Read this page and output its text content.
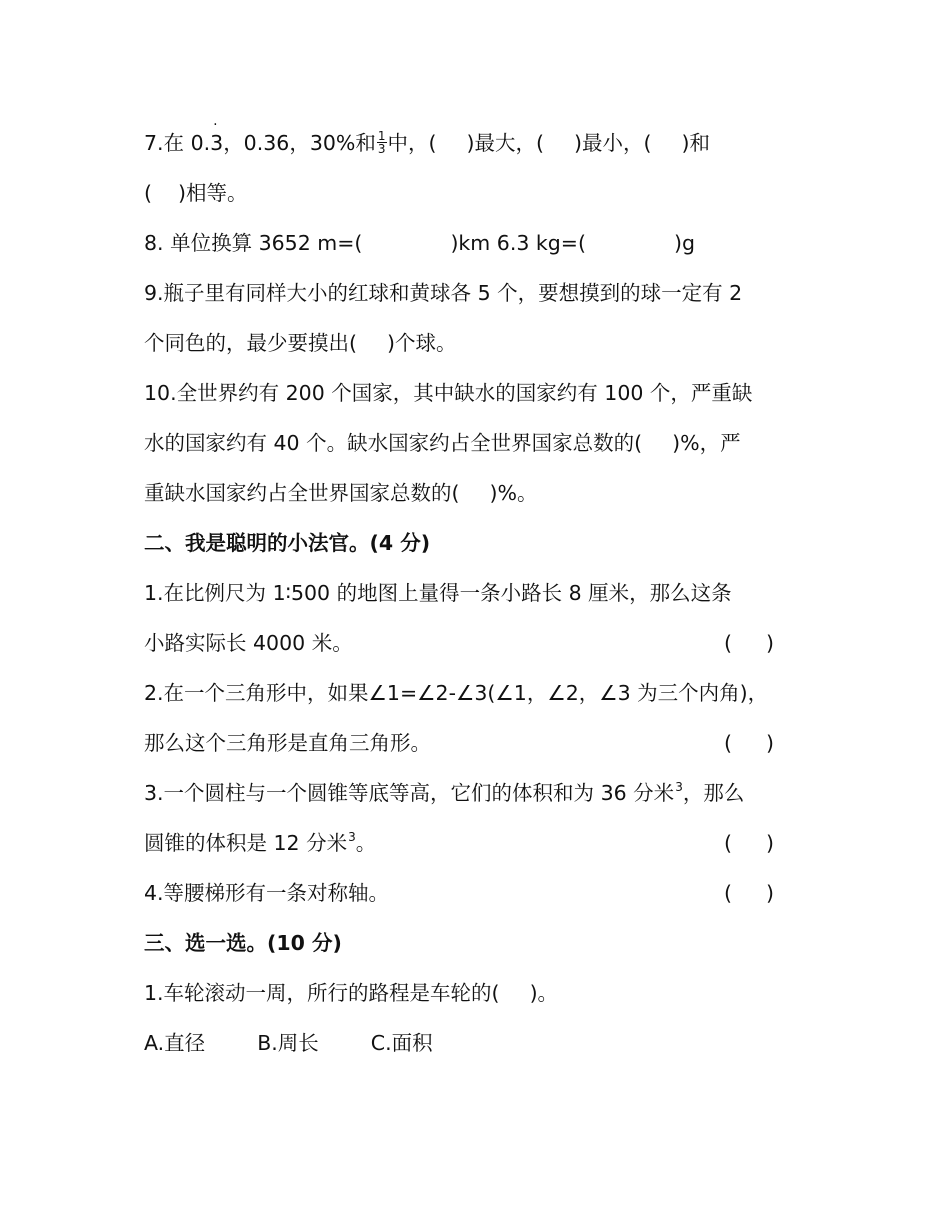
7.在 0.
.
3，0.36，30%和 $\frac{1}{3}$ 中，( )最大，( )最小，( )和
( )相等。
8. 单位换算 3652 m=(	)km 6.3 kg=(	)g
9.瓶子里有同样大小的红球和黄球各 5 个，要想摸到的球一定有 2
个同色的，最少要摸出( )个球。
10.全世界约有 200 个国家，其中缺水的国家约有 100 个，严重缺
水的国家约有 40 个。缺水国家约占全世界国家总数的( )%，严
重缺水国家约占全世界国家总数的( )%。
二、我是聪明的小法官。(4 分)
1.在比例尺为 1∶500 的地图上量得一条小路长 8 厘米，那么这条
小路实际长 4000 米。	( )
2.在一个三角形中，如果∠1=∠2-∠3(∠1，∠2，∠3 为三个内角)，
那么这个三角形是直角三角形。	( )
3.一个圆柱与一个圆锥等底等高，它们的体积和为 36 分米$^3$，那么
圆锥的体积是 12 分米$^3$。	( )
4.等腰梯形有一条对称轴。	( )
三、选一选。(10 分)
1.车轮滚动一周，所行的路程是车轮的( )。
A.直径	B.周长	C.面积
